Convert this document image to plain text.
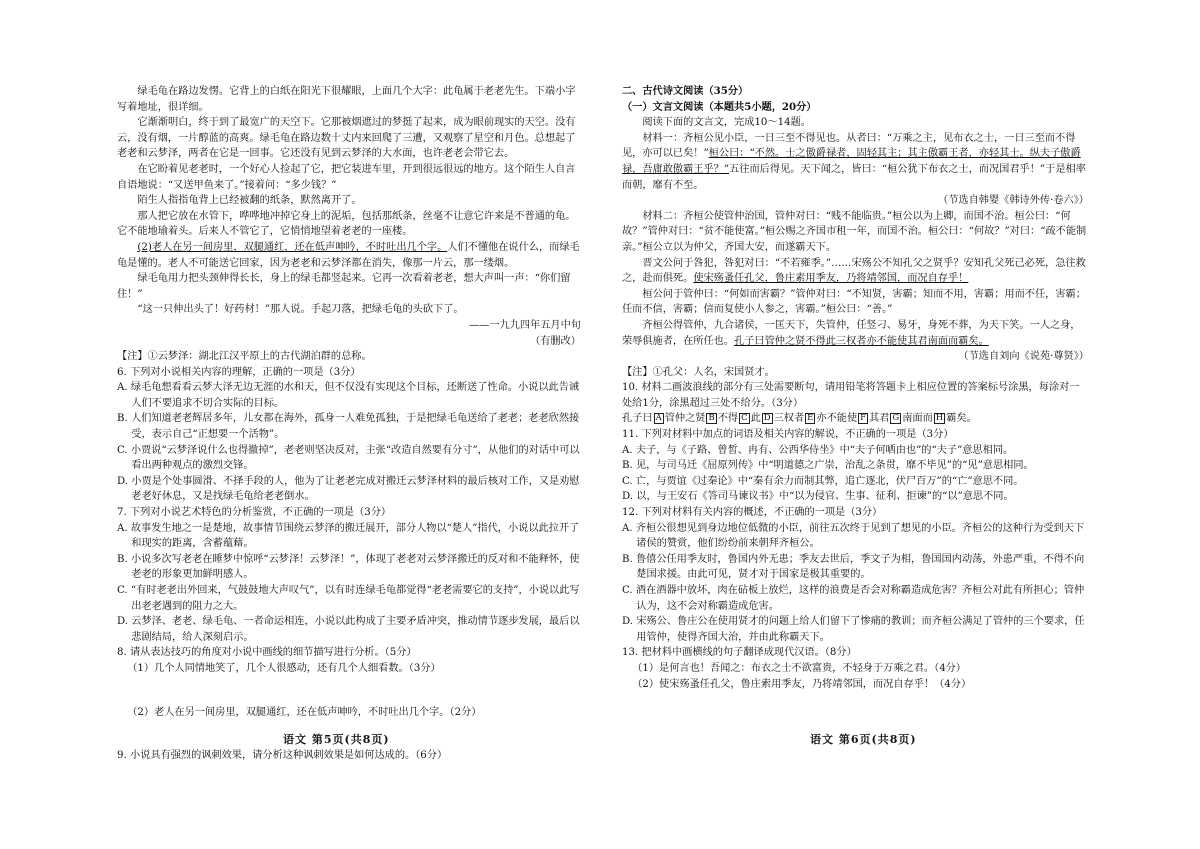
绿毛龟在路边发愣。它背上的白纸在阳光下很耀眼，上面几个大字：此龟属于老老先生。下端小字写着地址，很详细。

它渐渐明白，终于到了最宽广的天空下。它那被烟遮过的梦挺了起来，成为眼前现实的天空。没有云，没有烟，一片醇蓝的高爽。绿毛龟在路边数十丈内来回爬了三遭，又观察了星空和月色。总想起了老老和云梦泽，两者在它是一回事。它还没有见到云梦泽的大水面，也许老老会带它去。

在它盼着见老老时，一个好心人捡起了它，把它装进车里，开到很远很远的地方。这个陌生人自言自语地说：“又送甲鱼来了。”接着问：“多少钱？”

陌生人指指龟背上已经被翻的纸条，默然离开了。

那人把它放在水管下，哗哗地冲掉它身上的泥垢，包括那纸条，丝毫不让意它许来是不普通的龟。它不能地瑜着头。后来人不管它了，它悄悄地望着老老的一座楼。

(2)老人在另一间房里，双腿通红，还在低声呻吟，不时吐出几个字。人们不懂他在说什么，而绿毛龟是懂的。老人不可能送它回家，因为老老和云梦泽都在消失，像那一片云，那一缕烟。

绿毛龟用力把头颈伸得长长，身上的绿毛都竖起来。它再一次看着老老，想大声叫一声：“你们留住！”

“这一只伸出头了！好药材！”那人说。手起刀落，把绿毛龟的头砍下了。

——一九九四年五月中旬

（有删改）

【注】①云梦泽：湖北江汉平原上的古代湖泊群的总称。

6. 下列对小说相关内容的理解，正确的一项是（3分）

A. 绿毛龟想看看云梦大泽无边无涯的水和天，但不仅没有实现这个目标，还断送了性命。小说以此告诫人们不要追求不切合实际的目标。

B. 人们知道老老辉居多年，儿女都在海外，孤身一人难免孤独，于是把绿毛龟送给了老老；老老欣然接受，表示自己“正想要一个活物”。

C. 小贾说“云梦泽说什么也得撤掉”，老老则坚决反对，主张“改造自然要有分寸”，从他们的对话中可以看出两种观点的激烈交锋。

D. 小贾是个处事圆滑、不择手段的人，他为了让老老完成对搬迁云梦泽材料的最后核对工作，又是劝慰老老好休息，又是找绿毛龟给老老倒水。

7. 下列对小说艺术特色的分析鉴赏，不正确的一项是（3分）

A. 故事发生地之一是楚地，故事情节围绕云梦泽的搬迁展开，部分人物以“楚人”指代，小说以此拉开了和现实的距离，含蓄蕴藉。

B. 小说多次写老老在睡梦中惊呼“云梦泽！云梦泽！”，体现了老老对云梦泽搬迁的反对和不能释怀，使老老的形象更加鲜明感人。

C. “有时老老出外回来，气鼓鼓地大声叹气”，以有时连绿毛龟都觉得“老老需要它的支持”，小说以此写出老老遇到的阻力之大。

D. 云梦泽、老老、绿毛龟、一者命运相连，小说以此构成了主要矛盾冲突，推动情节逐步发展，最后以悲剧结局，给人深刻启示。

8. 请从表达技巧的角度对小说中画线的细节描写进行分析。（5分）

（1）几个人同情地笑了，几个人很感动，还有几个人细看数。（3分）

（2）老人在另一间房里，双腿通红，还在低声呻吟，不时吐出几个字。（2分）

9. 小说具有强烈的讽刺效果，请分析这种讽刺效果是如何达成的。（6分）

语文 第5页(共8页)

二、古代诗文阅读（35分）

（一）文言文阅读（本题共5小题，20分）

阅读下面的文言文，完成10～14题。

材料一：齐桓公见小臣，一日三至不得见也。从者曰：“万乘之主，见布衣之士，一日三至而不得见，亦可以已矣！”桓公曰：“不然。士之傲爵禄者，固轻其主；其主傲霸王者，亦轻其士。纵夫子傲爵禄，吾庸敢傲霸王乎？”五往而后得见。天下闻之，皆曰：“桓公犹下布衣之士，而况国君乎！”于是相率而朝，靡有不至。

（节选自韩婴《韩诗外传·卷六》）

材料二：齐桓公使管仲治国，管仲对曰：“贱不能临贵。”桓公以为上卿，而国不治。桓公曰：“何故？”管仲对曰：“贫不能使富。”桓公赐之齐国市租一年，而国不治。桓公曰：“何故？”对曰：“疏不能制亲。”桓公立以为仲父，齐国大安，而遂霸天下。

晋文公问于咎犯，咎犯对曰：“不若雍季。”……宋殇公不知孔父之贤乎？安知孔父死己必死，急往救之，赴而俱死。使宋殇蚤任孔父，鲁庄素用季友，乃将靖邻国，而况自存乎！

桓公问于管仲曰：“何如而害霸？”管仲对曰：“不知贤，害霸；知而不用，害霸；用而不任，害霸；任而不信，害霸；信而复使小人参之，害霸。”桓公曰：“善。”

齐桓公得管仲，九合诸侯，一匡天下，失管仲，任竖刁、易牙，身死不葬，为天下笑。一人之身，荣辱俱施者，在所任也。孔子曰管仲之贤不得此三权者亦不能使其君南面而霸矣。

（节选自刘向《说苑·尊贤》）

【注】①孔父：人名，宋国贤才。

10. 材料二画波浪线的部分有三处需要断句，请用铅笔将答题卡上相应位置的答案标号涂黑，每涂对一处给1分，涂黑超过三处不给分。（3分）

孔子曰 A 管仲之贤 B 不得 C 此 D 三权者 E 亦不能使 F 其君 G 南面而 H 霸矣。

11. 下列对材料中加点的词语及相关内容的解说，不正确的一项是（3分）

A. 夫子，与《子路、曾皙、冉有、公西华侍坐》中“夫子何哂由也”的“夫子”意思相同。

B. 见，与司马迁《屈原列传》中“明道德之广崇，治乱之条贯，靡不毕见”的“见”意思相同。

C. 亡，与贾谊《过秦论》中“秦有余力而制其弊，追亡逐北，伏尸百万”的“亡”意思不同。

D. 以，与王安石《答司马谏议书》中“以为侵官、生事、征利、拒谏”的“以”意思不同。

12. 下列对材料有关内容的概述，不正确的一项是（3分）

A. 齐桓公很想见到身边地位低微的小臣，前往五次终于见到了想见的小臣。齐桓公的这种行为受到天下诸侯的赞赏，他们纷纷前来朝拜齐桓公。

B. 鲁僖公任用季友时，鲁国内外无患；季友去世后，季文子为相，鲁国国内动荡，外患严重，不得不向楚国求援。由此可见，贤才对于国家是极其重要的。

C. 酒在酒器中放坏，肉在砧板上放烂，这样的浪费是否会对称霸造成危害？齐桓公对此有所担心；管仲认为，这不会对称霸造成危害。

D. 宋殇公、鲁庄公在使用贤才的问题上给人们留下了惨痛的教训；而齐桓公满足了管仲的三个要求，任用管仲，使得齐国大治，并由此称霸天下。

13. 把材料中画横线的句子翻译成现代汉语。（8分）

（1）是何言也！吾闻之：布衣之士不欲富贵，不轻身于万乘之君。（4分）

（2）使宋殇蚤任孔父，鲁庄索用季友，乃将靖邻国，而况自存乎！（4分）

语文 第6页(共8页)
